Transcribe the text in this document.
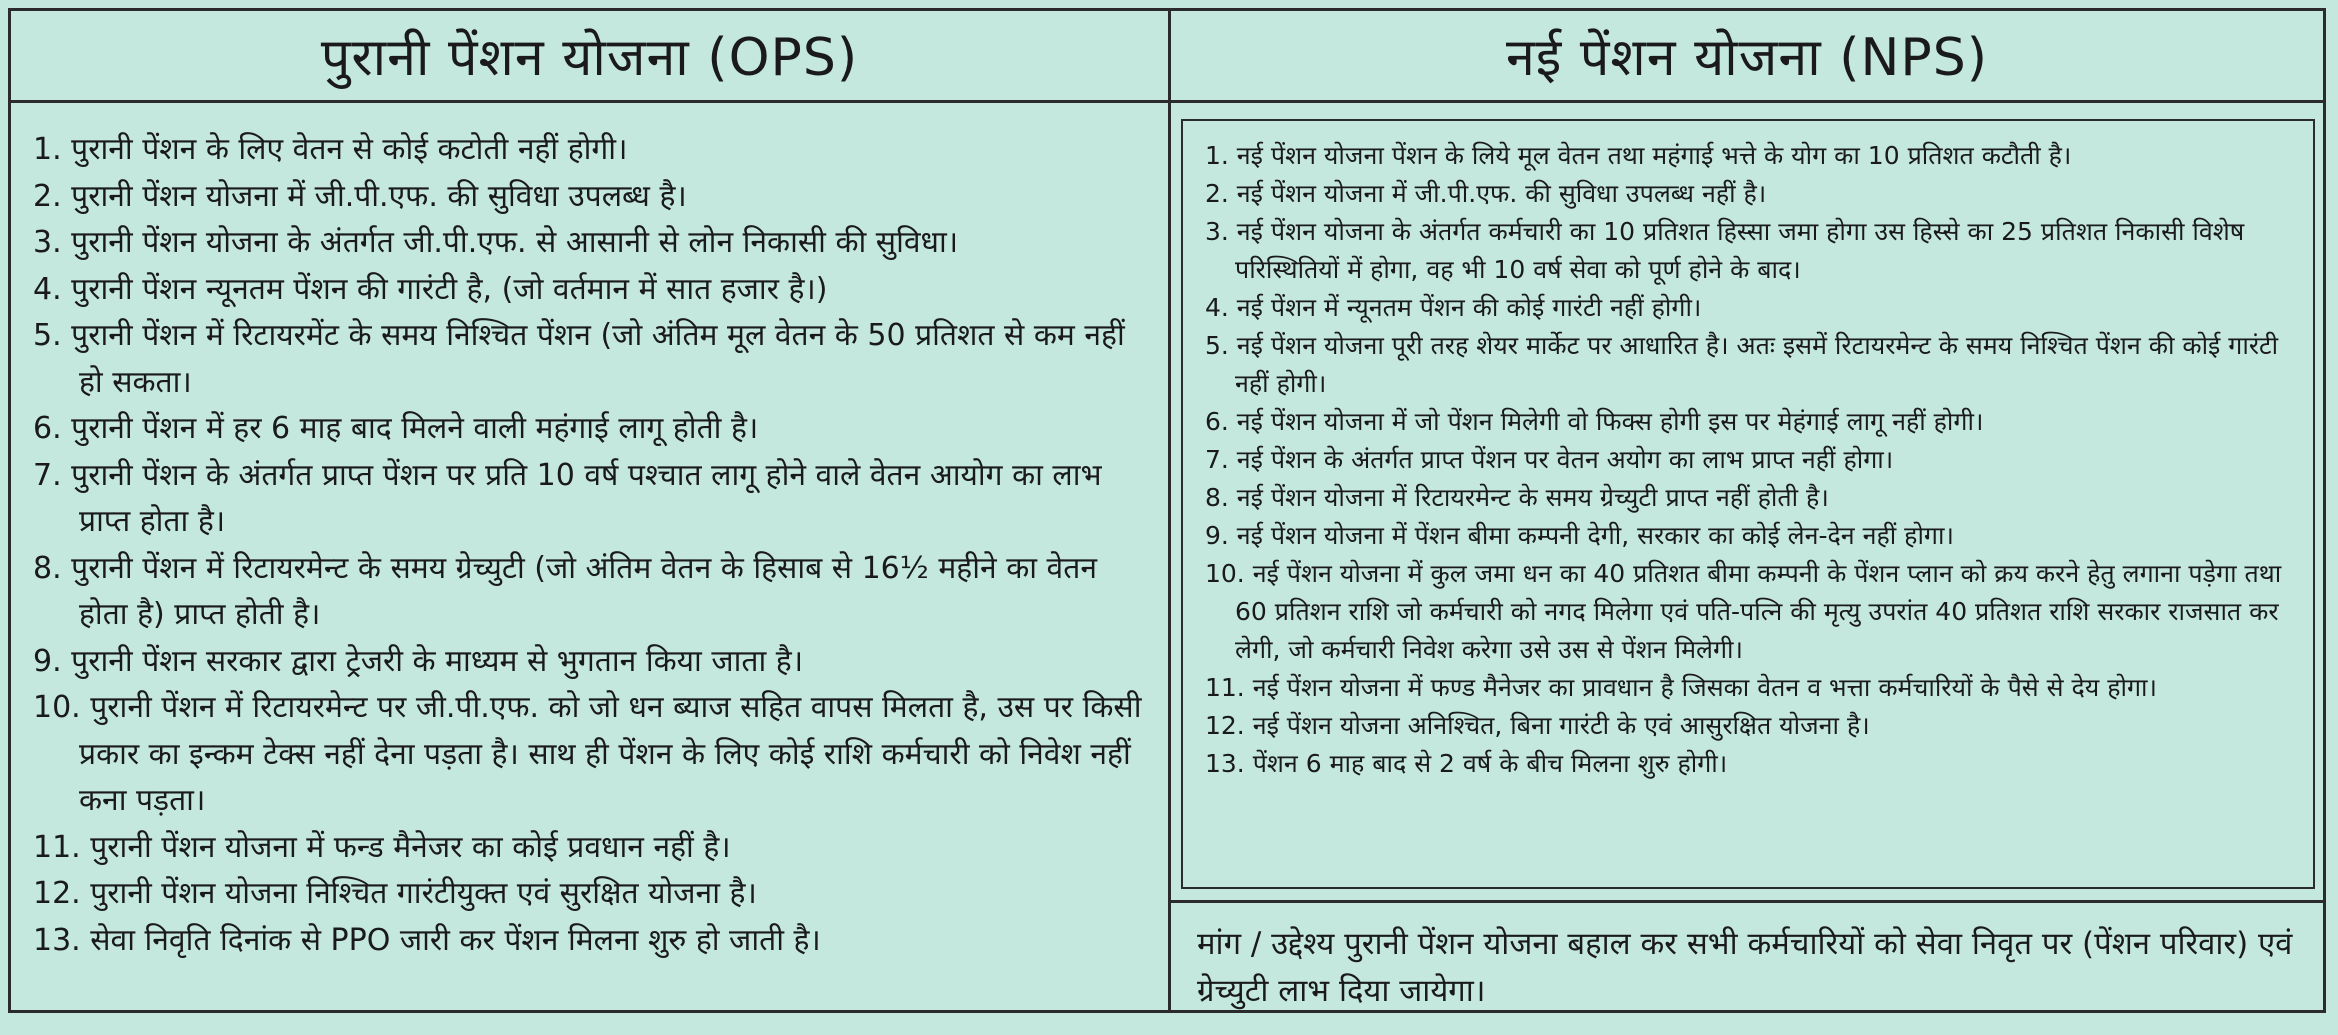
पुरानी पेंशन योजना (OPS)
1. पुरानी पेंशन के लिए वेतन से कोई कटोती नहीं होगी।
2. पुरानी पेंशन योजना में जी.पी.एफ. की सुविधा उपलब्ध है।
3. पुरानी पेंशन योजना के अंतर्गत जी.पी.एफ. से आसानी से लोन निकासी की सुविधा।
4. पुरानी पेंशन न्यूनतम पेंशन की गारंटी है, (जो वर्तमान में सात हजार है।)
5. पुरानी पेंशन में रिटायरमेंट के समय निश्चित पेंशन (जो अंतिम मूल वेतन के 50 प्रतिशत से कम नहीं हो सकता।
6. पुरानी पेंशन में हर 6 माह बाद मिलने वाली महंगाई लागू होती है।
7. पुरानी पेंशन के अंतर्गत प्राप्त पेंशन पर प्रति 10 वर्ष पश्चात लागू होने वाले वेतन आयोग का लाभ प्राप्त होता है।
8. पुरानी पेंशन में रिटायरमेन्ट के समय ग्रेच्युटी (जो अंतिम वेतन के हिसाब से 16½ महीने का वेतन होता है) प्राप्त होती है।
9. पुरानी पेंशन सरकार द्वारा ट्रेजरी के माध्यम से भुगतान किया जाता है।
10. पुरानी पेंशन में रिटायरमेन्ट पर जी.पी.एफ. को जो धन ब्याज सहित वापस मिलता है, उस पर किसी प्रकार का इन्कम टेक्स नहीं देना पड़ता है। साथ ही पेंशन के लिए कोई राशि कर्मचारी को निवेश नहीं कना पड़ता।
11. पुरानी पेंशन योजना में फन्ड मैनेजर का कोई प्रवधान नहीं है।
12. पुरानी पेंशन योजना निश्चित गारंटीयुक्त एवं सुरक्षित योजना है।
13. सेवा निवृति दिनांक से PPO जारी कर पेंशन मिलना शुरु हो जाती है।
नई पेंशन योजना (NPS)
1. नई पेंशन योजना पेंशन के लिये मूल वेतन तथा महंगाई भत्ते के योग का 10 प्रतिशत कटौती है।
2. नई पेंशन योजना में जी.पी.एफ. की सुविधा उपलब्ध नहीं है।
3. नई पेंशन योजना के अंतर्गत कर्मचारी का 10 प्रतिशत हिस्सा जमा होगा उस हिस्से का 25 प्रतिशत निकासी विशेष परिस्थितियों में होगा, वह भी 10 वर्ष सेवा को पूर्ण होने के बाद।
4. नई पेंशन में न्यूनतम पेंशन की कोई गारंटी नहीं होगी।
5. नई पेंशन योजना पूरी तरह शेयर मार्केट पर आधारित है। अतः इसमें रिटायरमेन्ट के समय निश्चित पेंशन की कोई गारंटी नहीं होगी।
6. नई पेंशन योजना में जो पेंशन मिलेगी वो फिक्स होगी इस पर मेहंगाई लागू नहीं होगी।
7. नई पेंशन के अंतर्गत प्राप्त पेंशन पर वेतन अयोग का लाभ प्राप्त नहीं होगा।
8. नई पेंशन योजना में रिटायरमेन्ट के समय ग्रेच्युटी प्राप्त नहीं होती है।
9. नई पेंशन योजना में पेंशन बीमा कम्पनी देगी, सरकार का कोई लेन-देन नहीं होगा।
10. नई पेंशन योजना में कुल जमा धन का 40 प्रतिशत बीमा कम्पनी के पेंशन प्लान को क्रय करने हेतु लगाना पड़ेगा तथा 60 प्रतिशन राशि जो कर्मचारी को नगद मिलेगा एवं पति-पत्नि की मृत्यु उपरांत 40 प्रतिशत राशि सरकार राजसात कर लेगी, जो कर्मचारी निवेश करेगा उसे उस से पेंशन मिलेगी।
11. नई पेंशन योजना में फण्ड मैनेजर का प्रावधान है जिसका वेतन व भत्ता कर्मचारियों के पैसे से देय होगा।
12. नई पेंशन योजना अनिश्चित, बिना गारंटी के एवं आसुरक्षित योजना है।
13. पेंशन 6 माह बाद से 2 वर्ष के बीच मिलना शुरु होगी।
मांग / उद्देश्य पुरानी पेंशन योजना बहाल कर सभी कर्मचारियों को सेवा निवृत पर (पेंशन परिवार) एवं ग्रेच्युटी लाभ दिया जायेगा।
